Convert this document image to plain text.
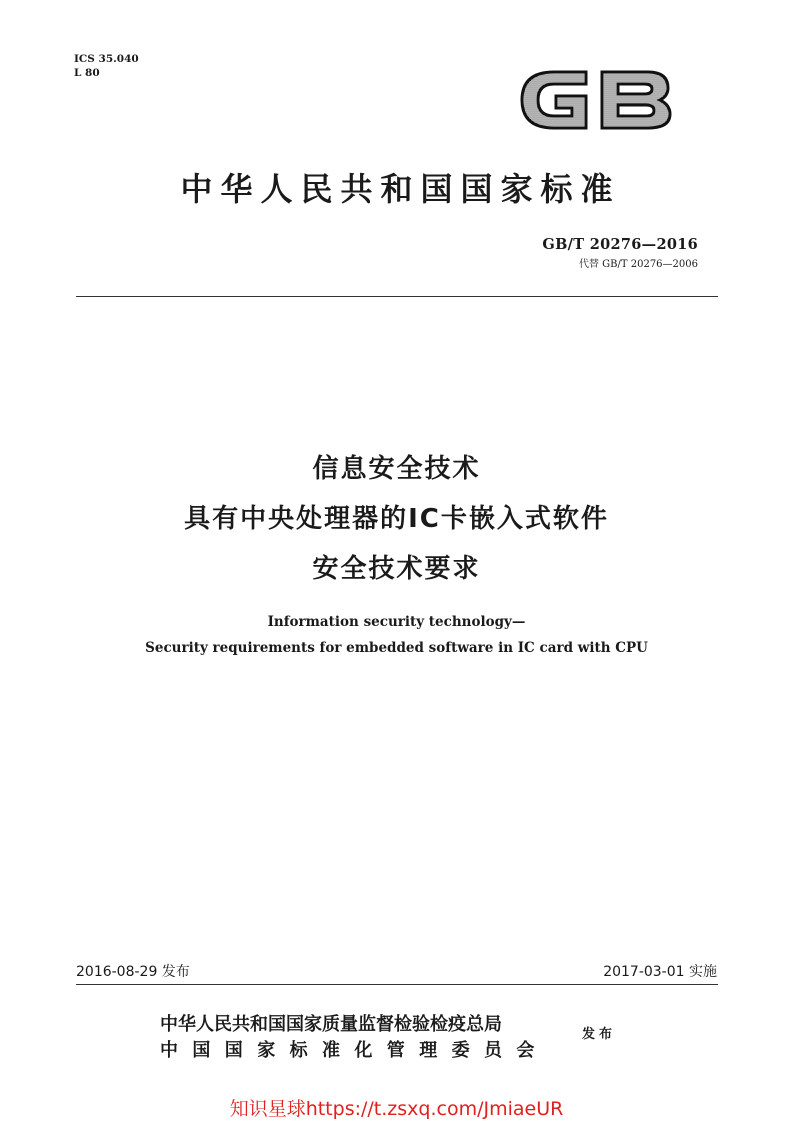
ICS 35.040
L 80
中华人民共和国国家标准
GB/T 20276—2016
代替 GB/T 20276—2006
信息安全技术
具有中央处理器的IC卡嵌入式软件
安全技术要求
Information security technology—
Security requirements for embedded software in IC card with CPU
2016-08-29 发布	2017-03-01 实施
中华人民共和国国家质量监督检验检疫总局
中国国家标准化管理委员会
发布
知识星球https://t.zsxq.com/JmiaeUR
